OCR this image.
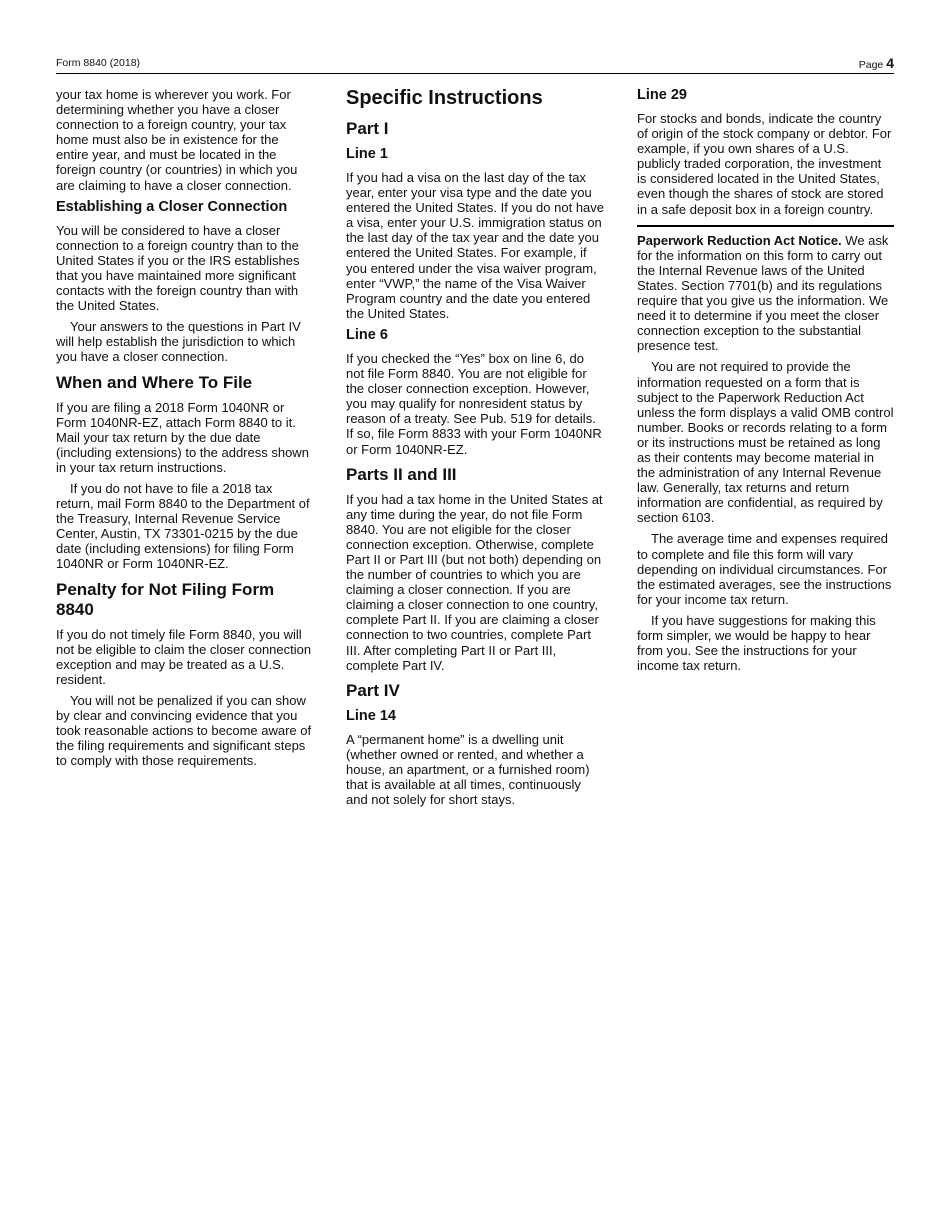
Form 8840 (2018)	Page 4

your tax home is wherever you work. For determining whether you have a closer connection to a foreign country, your tax home must also be in existence for the entire year, and must be located in the foreign country (or countries) in which you are claiming to have a closer connection.

Establishing a Closer Connection

You will be considered to have a closer connection to a foreign country than to the United States if you or the IRS establishes that you have maintained more significant contacts with the foreign country than with the United States.

Your answers to the questions in Part IV will help establish the jurisdiction to which you have a closer connection.

When and Where To File

If you are filing a 2018 Form 1040NR or Form 1040NR-EZ, attach Form 8840 to it. Mail your tax return by the due date (including extensions) to the address shown in your tax return instructions.

If you do not have to file a 2018 tax return, mail Form 8840 to the Department of the Treasury, Internal Revenue Service Center, Austin, TX 73301-0215 by the due date (including extensions) for filing Form 1040NR or Form 1040NR-EZ.

Penalty for Not Filing Form 8840

If you do not timely file Form 8840, you will not be eligible to claim the closer connection exception and may be treated as a U.S. resident.

You will not be penalized if you can show by clear and convincing evidence that you took reasonable actions to become aware of the filing requirements and significant steps to comply with those requirements.

Specific Instructions
Part I
Line 1

If you had a visa on the last day of the tax year, enter your visa type and the date you entered the United States. If you do not have a visa, enter your U.S. immigration status on the last day of the tax year and the date you entered the United States. For example, if you entered under the visa waiver program, enter “VWP,” the name of the Visa Waiver Program country and the date you entered the United States.

Line 6

If you checked the “Yes” box on line 6, do not file Form 8840. You are not eligible for the closer connection exception. However, you may qualify for nonresident status by reason of a treaty. See Pub. 519 for details. If so, file Form 8833 with your Form 1040NR or Form 1040NR-EZ.

Parts II and III

If you had a tax home in the United States at any time during the year, do not file Form 8840. You are not eligible for the closer connection exception. Otherwise, complete Part II or Part III (but not both) depending on the number of countries to which you are claiming a closer connection. If you are claiming a closer connection to one country, complete Part II. If you are claiming a closer connection to two countries, complete Part III. After completing Part II or Part III, complete Part IV.

Part IV
Line 14

A “permanent home” is a dwelling unit (whether owned or rented, and whether a house, an apartment, or a furnished room) that is available at all times, continuously and not solely for short stays.

Line 29

For stocks and bonds, indicate the country of origin of the stock company or debtor. For example, if you own shares of a U.S. publicly traded corporation, the investment is considered located in the United States, even though the shares of stock are stored in a safe deposit box in a foreign country.

Paperwork Reduction Act Notice. We ask for the information on this form to carry out the Internal Revenue laws of the United States. Section 7701(b) and its regulations require that you give us the information. We need it to determine if you meet the closer connection exception to the substantial presence test.

You are not required to provide the information requested on a form that is subject to the Paperwork Reduction Act unless the form displays a valid OMB control number. Books or records relating to a form or its instructions must be retained as long as their contents may become material in the administration of any Internal Revenue law. Generally, tax returns and return information are confidential, as required by section 6103.

The average time and expenses required to complete and file this form will vary depending on individual circumstances. For the estimated averages, see the instructions for your income tax return.

If you have suggestions for making this form simpler, we would be happy to hear from you. See the instructions for your income tax return.
